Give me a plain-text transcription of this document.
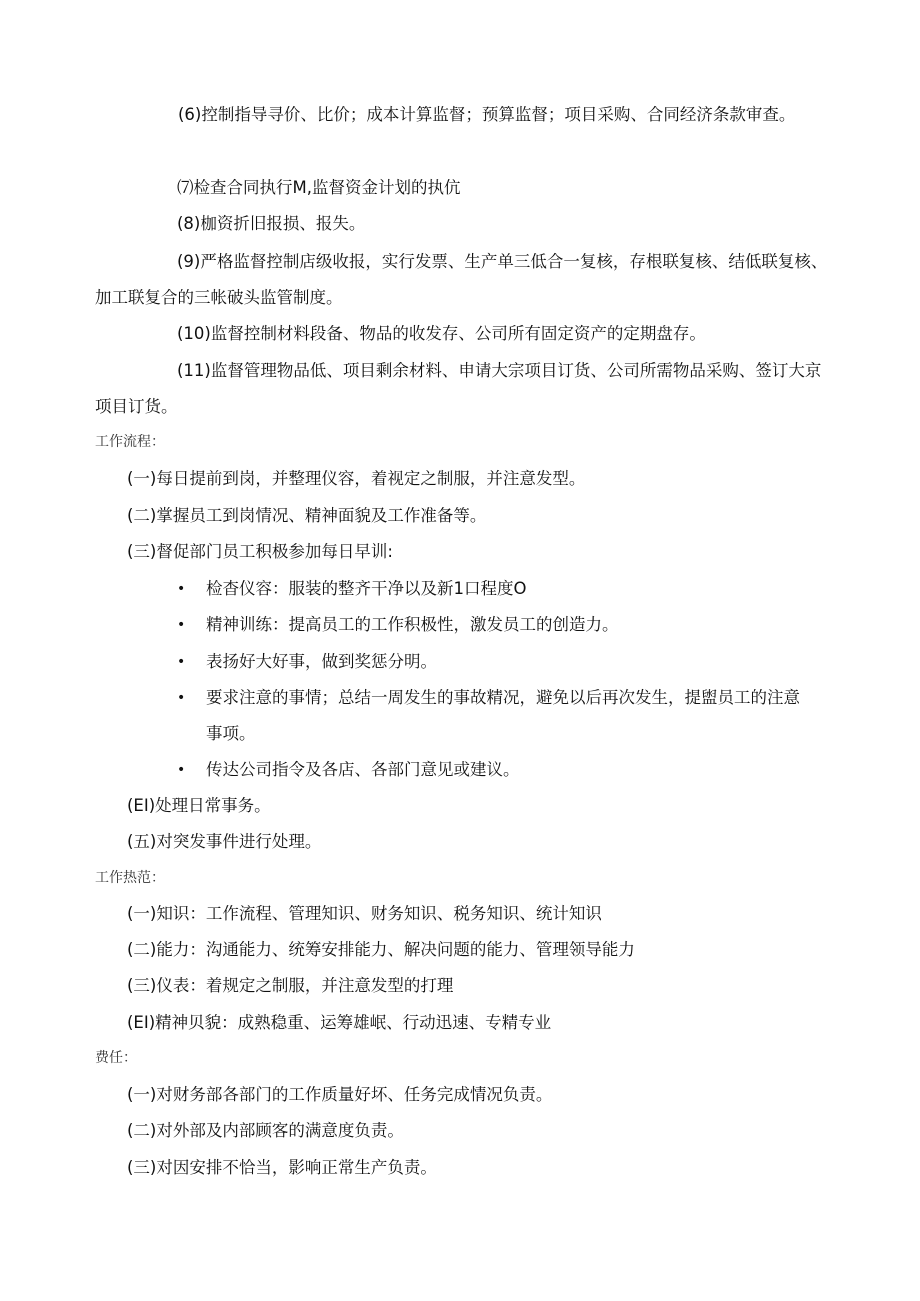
(6)控制指导寻价、比价；成本计算监督；预算监督；项目采购、合同经济条款审查。
⑺检查合同执行M,监督资金计划的执伉
(8)枷资折旧报损、报失。
(9)严格监督控制店级收报，实行发票、生产单三低合一复核，存根联复核、结低联复核、
加工联复合的三帐破头监管制度。
(10)监督控制材料段备、物品的收发存、公司所有固定资产的定期盘存。
(11)监督管理物品低、项目剩余材料、申请大宗项目订货、公司所需物品采购、签订大京
项目订货。
工作流程：
(一)每日提前到岗，并整理仪容，着视定之制服，并注意发型。
(二)掌握员工到岗情况、精神面貌及工作准备等。
(三)督促部门员工积极参加每日早训:
• 检杳仪容：服装的整齐干净以及新1口程度O
• 精神训练：提高员工的工作积极性，激发员工的创造力。
• 表扬好大好事，做到奖惩分明。
• 要求注意的事情；总结一周发生的事故精况，避免以后再次发生，提盥员工的注意
事项。
• 传达公司指令及各店、各部门意见或建议。
(EI)处理日常事务。
(五)对突发事件进行处理。
工作热范：
(一)知识：工作流程、管理知识、财务知识、税务知识、统计知识
(二)能力：沟通能力、统筹安排能力、解决问题的能力、管理领导能力
(三)仪表：着规定之制服，并注意发型的打理
(EI)精神贝貌：成熟稳重、运筹雄岷、行动迅速、专精专业
费任：
(一)对财务部各部门的工作质量好坏、任务完成情况负责。
(二)对外部及内部顾客的满意度负责。
(三)对因安排不恰当，影响正常生产负责。
